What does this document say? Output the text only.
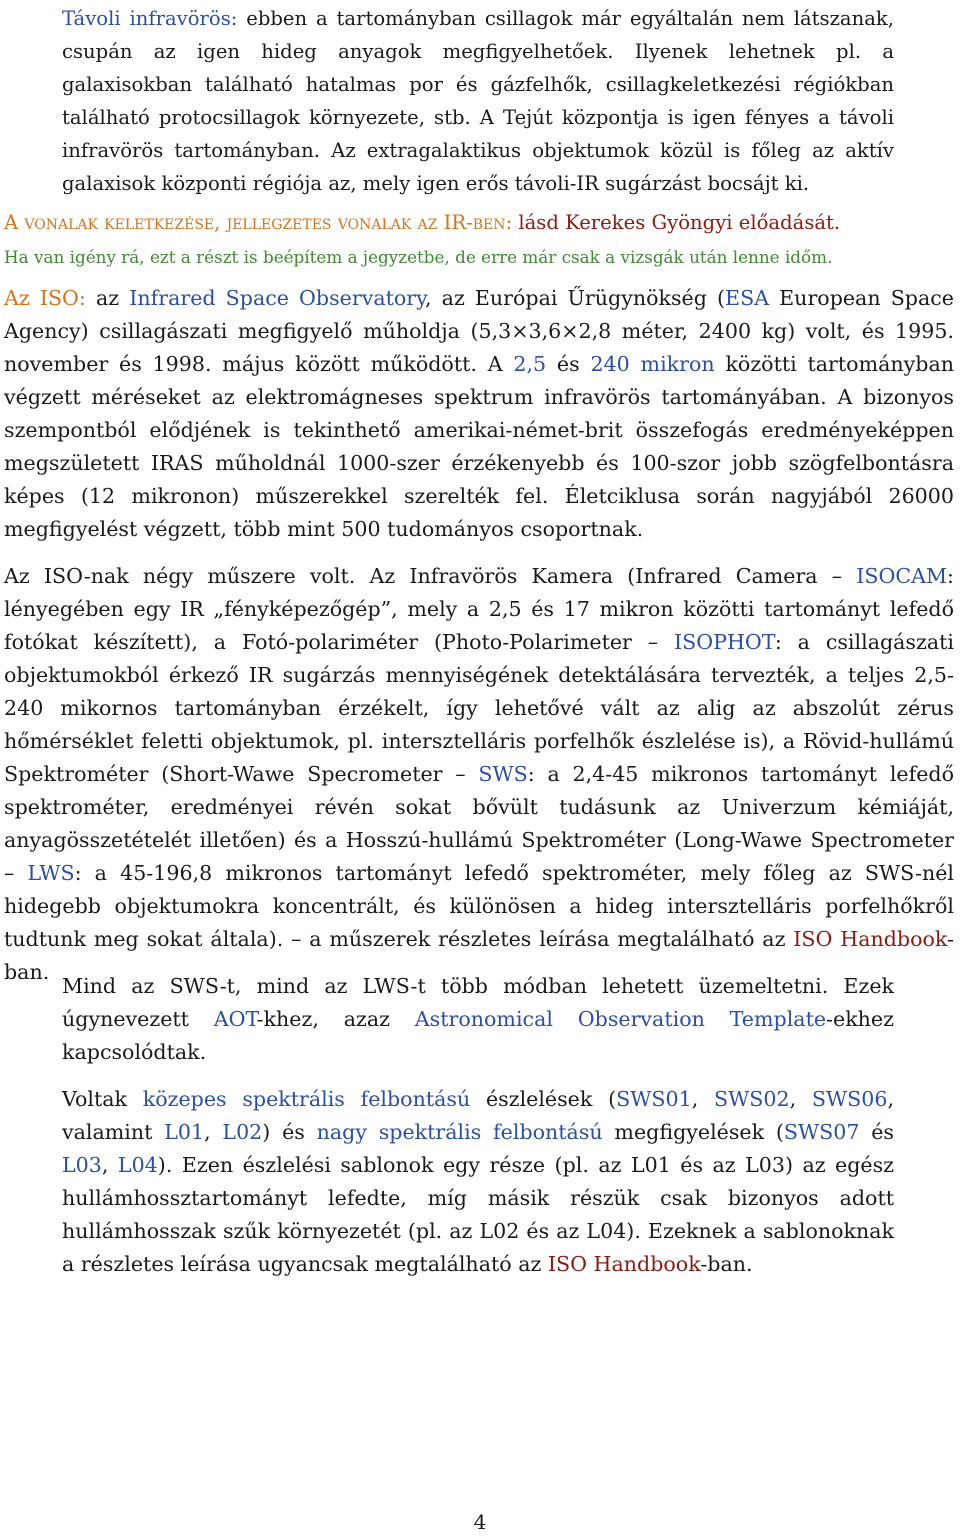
Távoli infravörös: ebben a tartományban csillagok már egyáltalán nem látszanak, csupán az igen hideg anyagok megfigyelhetőek. Ilyenek lehetnek pl. a galaxisokban található hatalmas por és gázfelhők, csillagkeletkezési régiókban található protocsillagok környezete, stb. A Tejút központja is igen fényes a távoli infravörös tartományban. Az extragalaktikus objektumok közül is főleg az aktív galaxisok központi régiója az, mely igen erős távoli-IR sugárzást bocsájt ki.

A vonalak keletkezése, jellegzetes vonalak az IR-ben: lásd Kerekes Gyöngyi előadását.

Ha van igény rá, ezt a részt is beépítem a jegyzetbe, de erre már csak a vizsgák után lenne időm.

Az ISO: az Infrared Space Observatory, az Európai Űrügynökség (ESA European Space Agency) csillagászati megfigyelő műholdja (5,3×3,6×2,8 méter, 2400 kg) volt, és 1995. november és 1998. május között működött. A 2,5 és 240 mikron közötti tartományban végzett méréseket az elektromágneses spektrum infravörös tartományában. A bizonyos szempontból elődjének is tekinthető amerikai-német-brit összefogás eredményeképpen megszületett IRAS műholdnál 1000-szer érzékenyebb és 100-szor jobb szögfelbontásra képes (12 mikronon) műszerekkel szerelték fel. Életciklusa során nagyjából 26000 megfigyelést végzett, több mint 500 tudományos csoportnak.

Az ISO-nak négy műszere volt. Az Infravörös Kamera (Infrared Camera – ISOCAM: lényegében egy IR „fényképezőgép”, mely a 2,5 és 17 mikron közötti tartományt lefedő fotókat készített), a Fotó-polariméter (Photo-Polarimeter – ISOPHOT: a csillagászati objektumokból érkező IR sugárzás mennyiségének detektálására tervezték, a teljes 2,5-240 mikornos tartományban érzékelt, így lehetővé vált az alig az abszolút zérus hőmérséklet feletti objektumok, pl. intersztelláris porfelhők észlelése is), a Rövid-hullámú Spektrométer (Short-Wawe Specrometer – SWS: a 2,4-45 mikronos tartományt lefedő spektrométer, eredményei révén sokat bővült tudásunk az Univerzum kémiáját, anyagösszetételét illetően) és a Hosszú-hullámú Spektrométer (Long-Wawe Spectrometer – LWS: a 45-196,8 mikronos tartományt lefedő spektrométer, mely főleg az SWS-nél hidegebb objektumokra koncentrált, és különösen a hideg intersztelláris porfelhőkről tudtunk meg sokat általa). – a műszerek részletes leírása megtalálható az ISO Handbook-ban.

Mind az SWS-t, mind az LWS-t több módban lehetett üzemeltetni. Ezek úgynevezett AOT-khez, azaz Astronomical Observation Template-ekhez kapcsolódtak.

Voltak közepes spektrális felbontású észlelések (SWS01, SWS02, SWS06, valamint L01, L02) és nagy spektrális felbontású megfigyelések (SWS07 és L03, L04). Ezen észlelési sablonok egy része (pl. az L01 és az L03) az egész hullámhossztartományt lefedte, míg másik részük csak bizonyos adott hullámhosszak szűk környezetét (pl. az L02 és az L04). Ezeknek a sablonoknak a részletes leírása ugyancsak megtalálható az ISO Handbook-ban.

4
